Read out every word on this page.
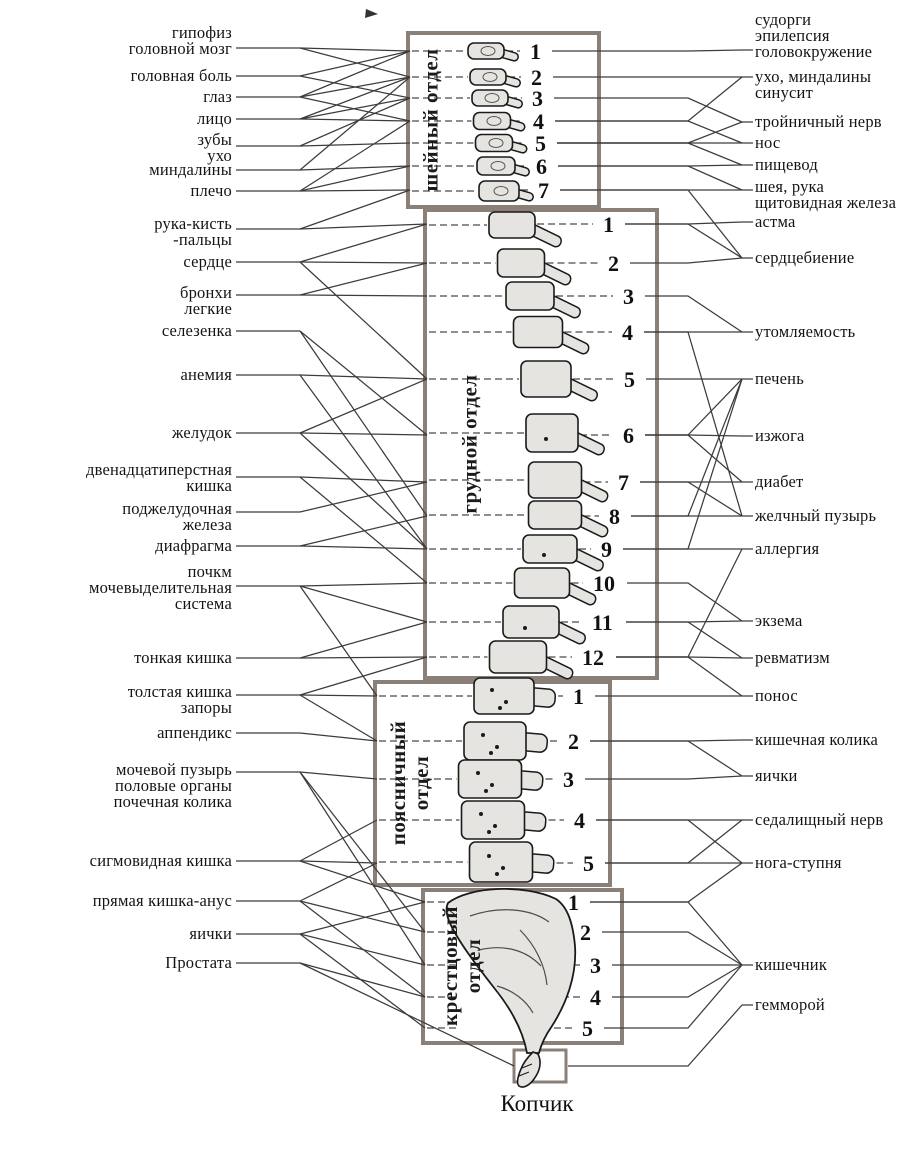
1
2
3
4
5
6
7
1
2
3
4
5
6
7
8
9
10
11
12
1
2
3
4
5
1
2
3
4
5
гипофиз
головной мозг
головная боль
глаз
лицо
зубы
ухо
миндалины
плечо
рука-кисть
-пальцы
сердце
бронхи
легкие
селезенка
анемия
желудок
двенадцатиперстная
кишка
поджелудочная
железа
диафрагма
почкм
мочевыделительная
система
тонкая кишка
толстая кишка
запоры
аппендикс
мочевой пузырь
половые органы
почечная колика
сигмовидная кишка
прямая кишка-анус
яички
Простата
судорги
эпилепсия
головокружение
ухо, миндалины
синусит
тройничный нерв
нос
пищевод
шея, рука
щитовидная железа
астма
сердцебиение
утомляемость
печень
изжога
диабет
желчный пузырь
аллергия
экзема
ревматизм
понос
кишечная колика
яички
седалищный нерв
нога-ступня
кишечник
гемморой
шейный отдел
грудной отдел
поясничный отдел
крестцовый отдел
Копчик
